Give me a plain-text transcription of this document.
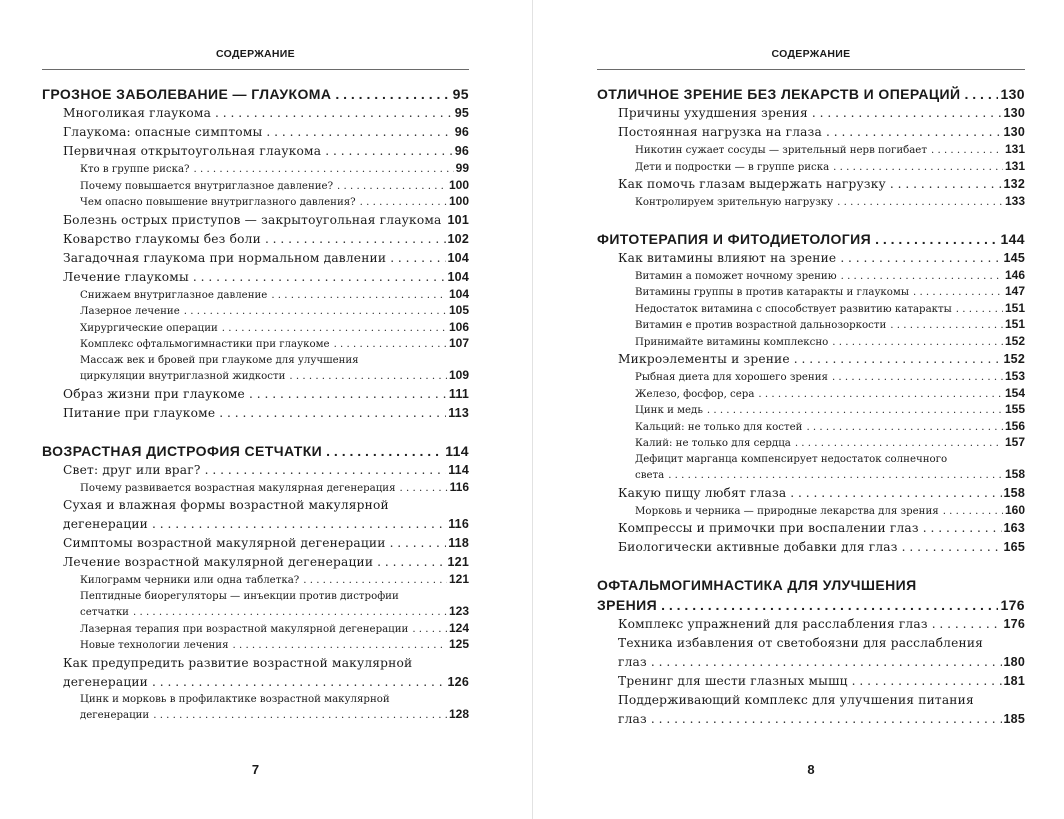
СОДЕРЖАНИЕ
ГРОЗНОЕ ЗАБОЛЕВАНИЕ — ГЛАУКОМА . . .	95
Многоликая глаукома . . .	95
Глаукома: опасные симптомы . . .	96
Первичная открытоугольная глаукома . . .	96
Кто в группе риска? . . .	99
Почему повышается внутриглазное давление? . . .	100
Чем опасно повышение внутриглазного давления? . . .	100
Болезнь острых приступов — закрытоугольная глаукома 101
Коварство глаукомы без боли . . .	102
Загадочная глаукома при нормальном давлении . . .	104
Лечение глаукомы . . .	104
Снижаем внутриглазное давление . . .	104
Лазерное лечение . . .	105
Хирургические операции . . .	106
Комплекс офтальмогимнастики при глаукоме . . .	107
Массаж век и бровей при глаукоме для улучшения
циркуляции внутриглазной жидкости . . .	109
Образ жизни при глаукоме . . .	111
Питание при глаукоме . . .	113
ВОЗРАСТНАЯ ДИСТРОФИЯ СЕТЧАТКИ . . .	114
Свет: друг или враг? . . .	114
Почему развивается возрастная макулярная дегенерация . . .	116
Сухая и влажная формы возрастной макулярной
дегенерации . . .	116
Симптомы возрастной макулярной дегенерации . . .	118
Лечение возрастной макулярной дегенерации . . .	121
Килограмм черники или одна таблетка? . . .	121
Пептидные биорегуляторы — инъекции против дистрофии
сетчатки . . .	123
Лазерная терапия при возрастной макулярной дегенерации . . .	124
Новые технологии лечения . . .	125
Как предупредить развитие возрастной макулярной
дегенерации . . .	126
Цинк и морковь в профилактике возрастной макулярной
дегенерации . . .	128
7
СОДЕРЖАНИЕ
ОТЛИЧНОЕ ЗРЕНИЕ БЕЗ ЛЕКАРСТВ И ОПЕРАЦИЙ . . .	130
Причины ухудшения зрения . . .	130
Постоянная нагрузка на глаза . . .	130
Никотин сужает сосуды — зрительный нерв погибает . . .	131
Дети и подростки — в группе риска . . .	131
Как помочь глазам выдержать нагрузку . . .	132
Контролируем зрительную нагрузку . . .	133
ФИТОТЕРАПИЯ И ФИТОДИЕТОЛОГИЯ . . .	144
Как витамины влияют на зрение . . .	145
Витамин а поможет ночному зрению . . .	146
Витамины группы в против катаракты и глаукомы . . .	147
Недостаток витамина с способствует развитию катаракты . . .	151
Витамин е против возрастной дальнозоркости . . .	151
Принимайте витамины комплексно . . .	152
Микроэлементы и зрение . . .	152
Рыбная диета для хорошего зрения . . .	153
Железо, фосфор, сера . . .	154
Цинк и медь . . .	155
Кальций: не только для костей . . .	156
Калий: не только для сердца . . .	157
Дефицит марганца компенсирует недостаток солнечного
света . . .	158
Какую пищу любят глаза . . .	158
Морковь и черника — природные лекарства для зрения . . .	160
Компрессы и примочки при воспалении глаз . . .	163
Биологически активные добавки для глаз . . .	165
ОФТАЛЬМОГИМНАСТИКА ДЛЯ УЛУЧШЕНИЯ
ЗРЕНИЯ . . .	176
Комплекс упражнений для расслабления глаз . . .	176
Техника избавления от светобоязни для расслабления
глаз . . .	180
Тренинг для шести глазных мышц . . .	181
Поддерживающий комплекс для улучшения питания
глаз . . .	185
8
